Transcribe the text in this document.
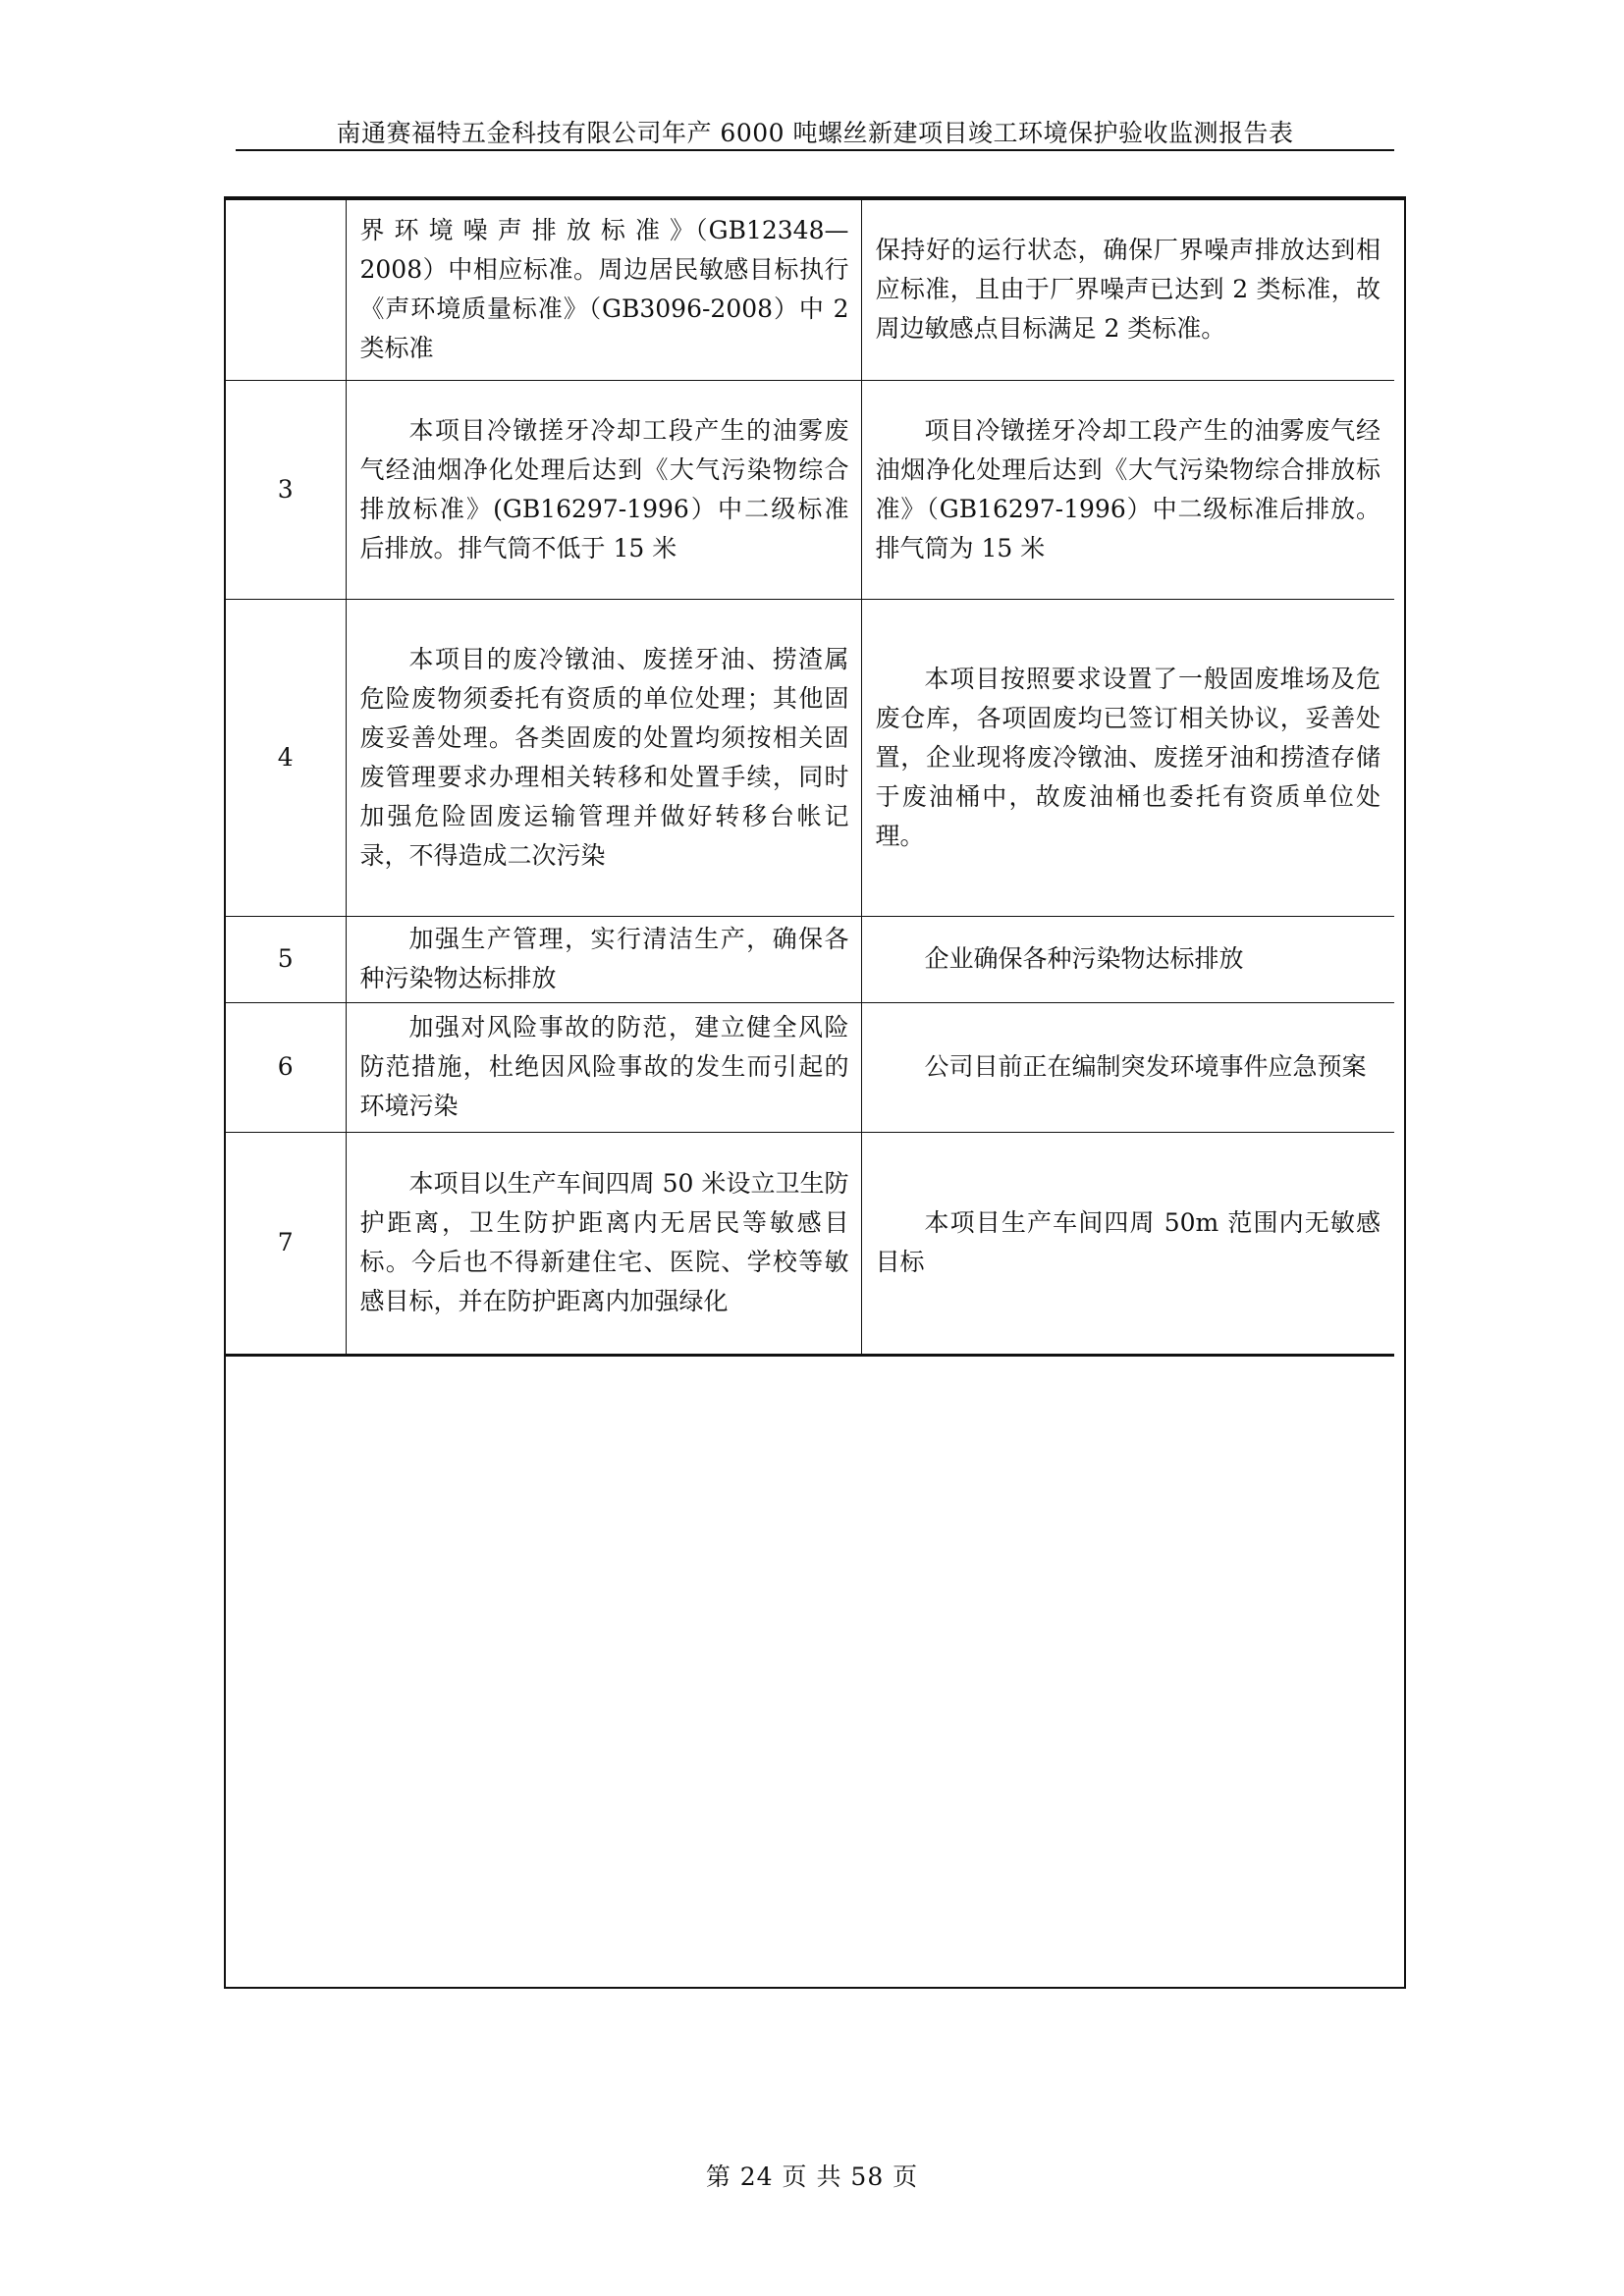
南通赛福特五金科技有限公司年产 6000 吨螺丝新建项目竣工环境保护验收监测报告表

	界 环 境 噪 声 排 放 标 准 》（GB12348—2008）中相应标准。周边居民敏感目标执行《声环境质量标准》（GB3096-2008）中 2 类标准	保持好的运行状态，确保厂界噪声排放达到相应标准，且由于厂界噪声已达到 2 类标准，故周边敏感点目标满足 2 类标准。

3	本项目冷镦搓牙冷却工段产生的油雾废气经油烟净化处理后达到《大气污染物综合排放标准》(GB16297-1996）中二级标准后排放。排气筒不低于 15 米	项目冷镦搓牙冷却工段产生的油雾废气经油烟净化处理后达到《大气污染物综合排放标准》（GB16297-1996）中二级标准后排放。排气筒为 15 米

4	本项目的废冷镦油、废搓牙油、捞渣属危险废物须委托有资质的单位处理；其他固废妥善处理。各类固废的处置均须按相关固废管理要求办理相关转移和处置手续，同时加强危险固废运输管理并做好转移台帐记录，不得造成二次污染	本项目按照要求设置了一般固废堆场及危废仓库，各项固废均已签订相关协议，妥善处置，企业现将废冷镦油、废搓牙油和捞渣存储于废油桶中，故废油桶也委托有资质单位处理。

5	加强生产管理，实行清洁生产，确保各种污染物达标排放	企业确保各种污染物达标排放

6	加强对风险事故的防范，建立健全风险防范措施，杜绝因风险事故的发生而引起的环境污染	公司目前正在编制突发环境事件应急预案

7	本项目以生产车间四周 50 米设立卫生防护距离，卫生防护距离内无居民等敏感目标。今后也不得新建住宅、医院、学校等敏感目标，并在防护距离内加强绿化	本项目生产车间四周 50m 范围内无敏感目标
第 24 页 共 58 页
